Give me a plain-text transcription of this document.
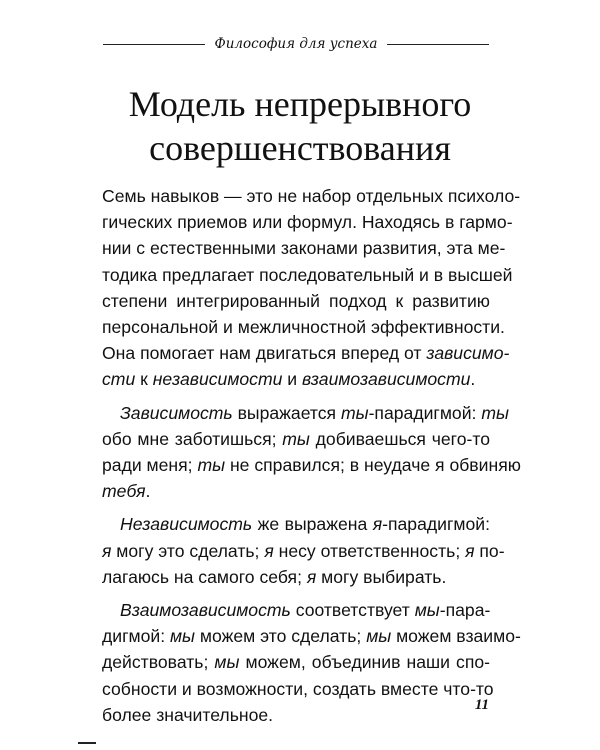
Философия для успеха
Модель непрерывного
совершенствования
Семь навыков — это не набор отдельных психоло-
гических приемов или формул. Находясь в гармо-
нии с естественными законами развития, эта ме-
тодика предлагает последовательный и в высшей
степени интегрированный подход к развитию
персональной и межличностной эффективности.
Она помогает нам двигаться вперед от зависимо-
сти к независимости и взаимозависимости.
Зависимость выражается ты-парадигмой: ты
обо мне заботишься; ты добиваешься чего-то
ради меня; ты не справился; в неудаче я обвиняю
тебя.
Независимость же выражена я-парадигмой:
я могу это сделать; я несу ответственность; я по-
лагаюсь на самого себя; я могу выбирать.
Взаимозависимость соответствует мы-пара-
дигмой: мы можем это сделать; мы можем взаимо-
действовать; мы можем, объединив наши спо-
собности и возможности, создать вместе что-то
более значительное.	11
